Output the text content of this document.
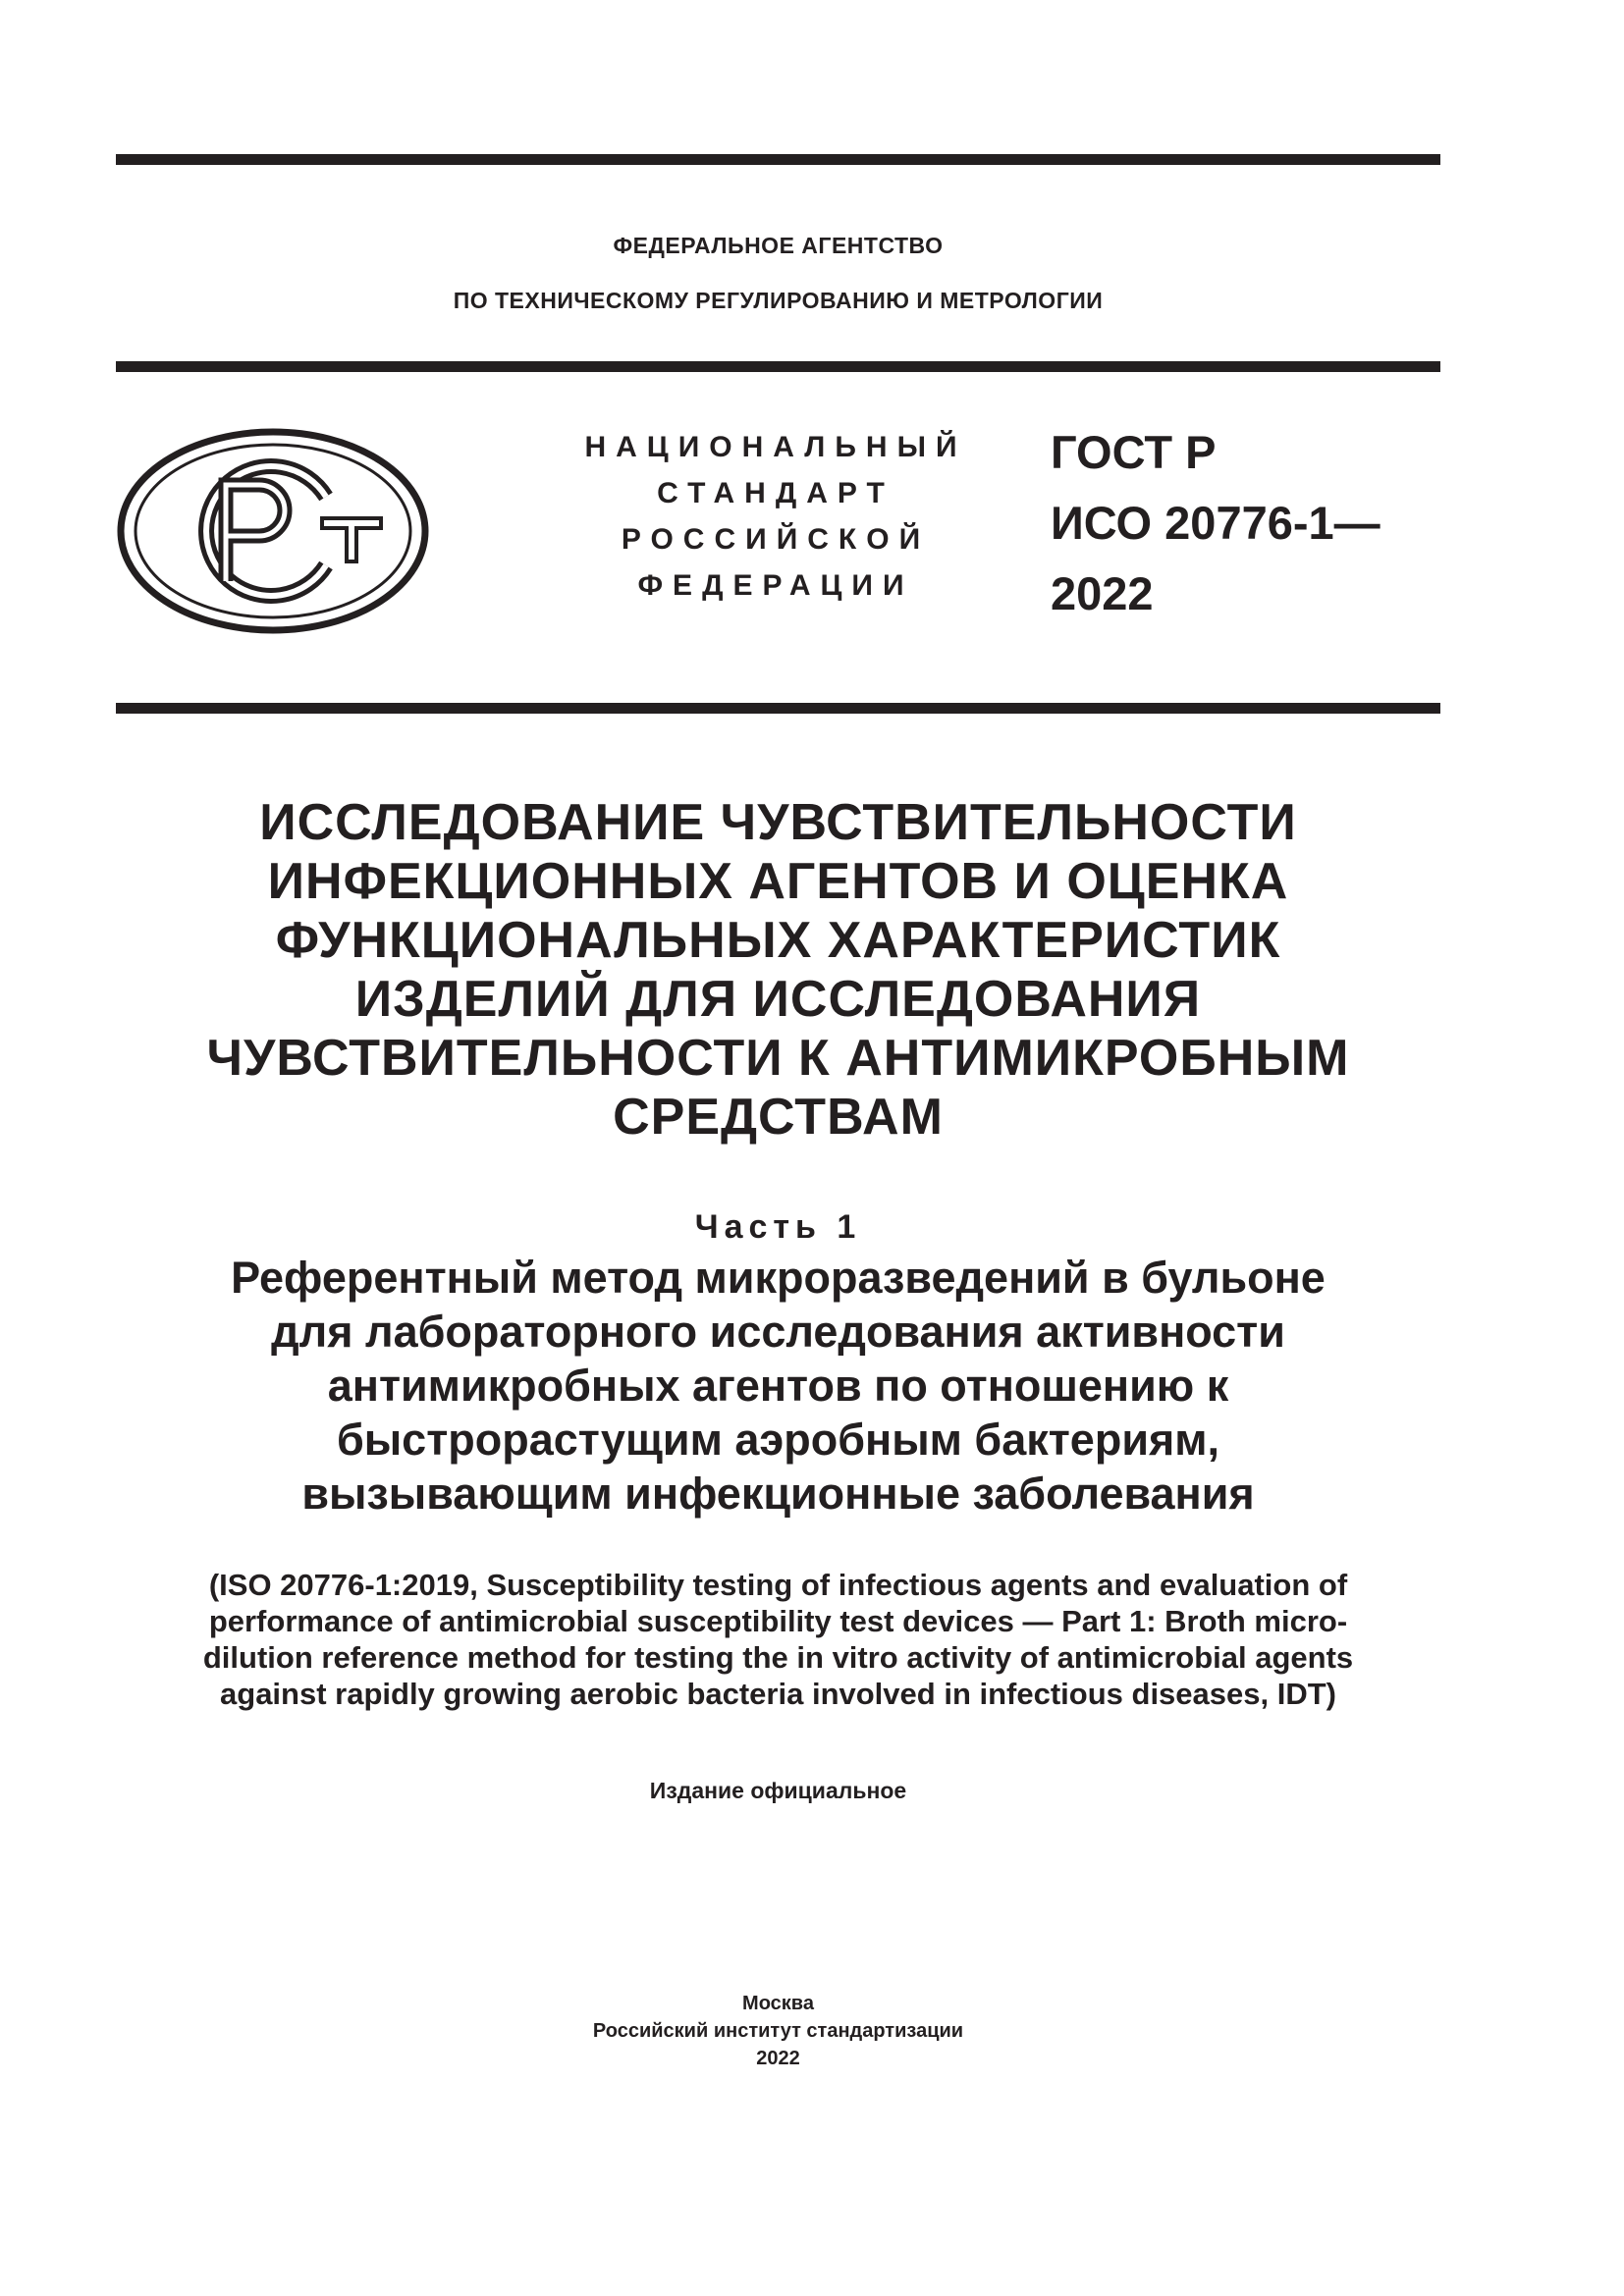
ФЕДЕРАЛЬНОЕ АГЕНТСТВО
ПО ТЕХНИЧЕСКОМУ РЕГУЛИРОВАНИЮ И МЕТРОЛОГИИ
НАЦИОНАЛЬНЫЙ
СТАНДАРТ
РОССИЙСКОЙ
ФЕДЕРАЦИИ
ГОСТ Р
ИСО 20776-1—
2022
ИССЛЕДОВАНИЕ ЧУВСТВИТЕЛЬНОСТИ
ИНФЕКЦИОННЫХ АГЕНТОВ И ОЦЕНКА
ФУНКЦИОНАЛЬНЫХ ХАРАКТЕРИСТИК
ИЗДЕЛИЙ ДЛЯ ИССЛЕДОВАНИЯ
ЧУВСТВИТЕЛЬНОСТИ К АНТИМИКРОБНЫМ
СРЕДСТВАМ
Часть 1
Референтный метод микроразведений в бульоне
для лабораторного исследования активности
антимикробных агентов по отношению к
быстрорастущим аэробным бактериям,
вызывающим инфекционные заболевания
(ISO 20776-1:2019, Susceptibility testing of infectious agents and evaluation of
performance of antimicrobial susceptibility test devices — Part 1: Broth micro-
dilution reference method for testing the in vitro activity of antimicrobial agents
against rapidly growing aerobic bacteria involved in infectious diseases, IDT)
Издание официальное
Москва
Российский институт стандартизации
2022
